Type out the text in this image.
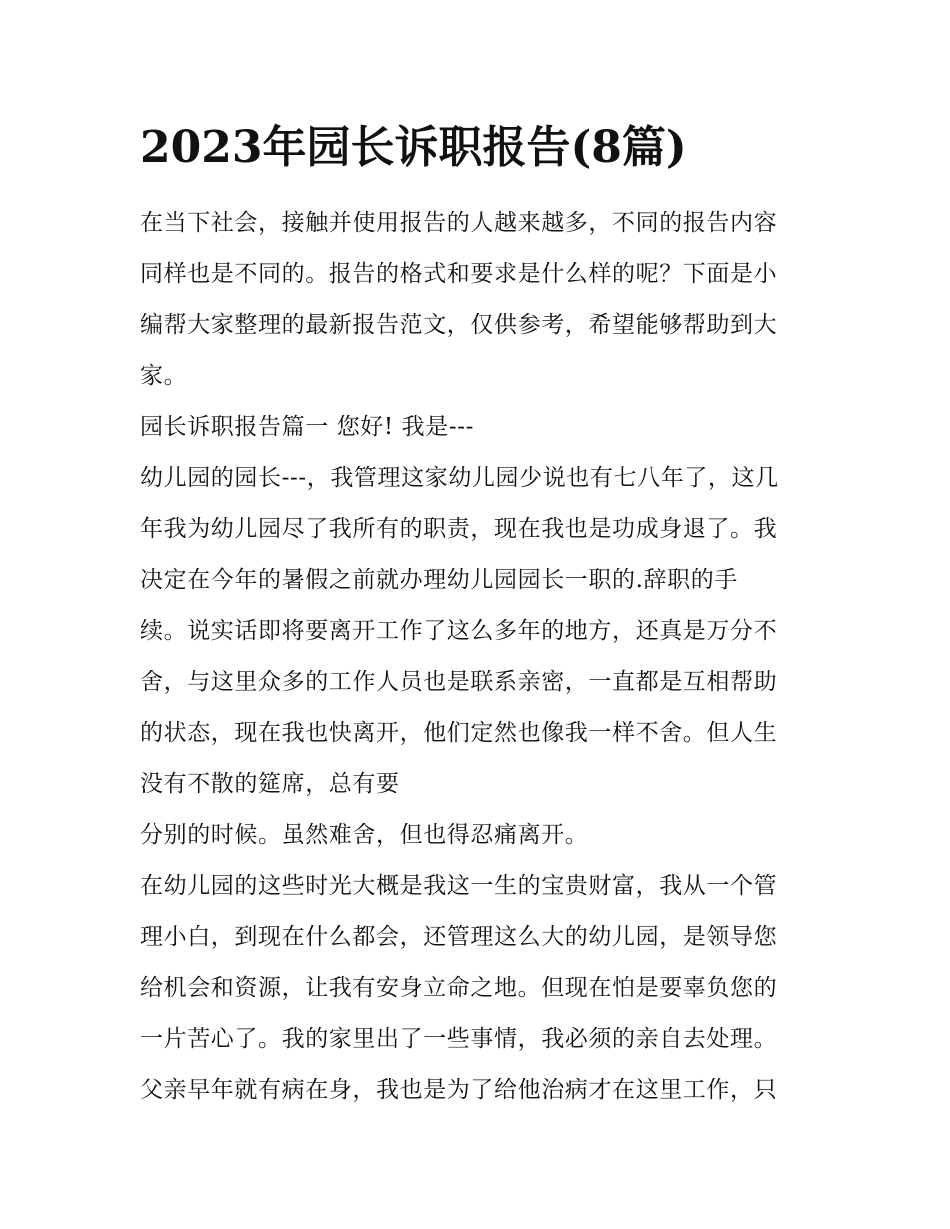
2023年园长诉职报告(8篇)
在当下社会，接触并使用报告的人越来越多，不同的报告内容
同样也是不同的。报告的格式和要求是什么样的呢？下面是小
编帮大家整理的最新报告范文，仅供参考，希望能够帮助到大
家。
园长诉职报告篇一 您好! 我是---
幼儿园的园长---，我管理这家幼儿园少说也有七八年了，这几
年我为幼儿园尽了我所有的职责，现在我也是功成身退了。我
决定在今年的暑假之前就办理幼儿园园长一职的.辞职的手
续。说实话即将要离开工作了这么多年的地方，还真是万分不
舍，与这里众多的工作人员也是联系亲密，一直都是互相帮助
的状态，现在我也快离开，他们定然也像我一样不舍。但人生
没有不散的筵席，总有要
分别的时候。虽然难舍，但也得忍痛离开。
在幼儿园的这些时光大概是我这一生的宝贵财富，我从一个管
理小白，到现在什么都会，还管理这么大的幼儿园，是领导您
给机会和资源，让我有安身立命之地。但现在怕是要辜负您的
一片苦心了。我的家里出了一些事情，我必须的亲自去处理。
父亲早年就有病在身，我也是为了给他治病才在这里工作，只
